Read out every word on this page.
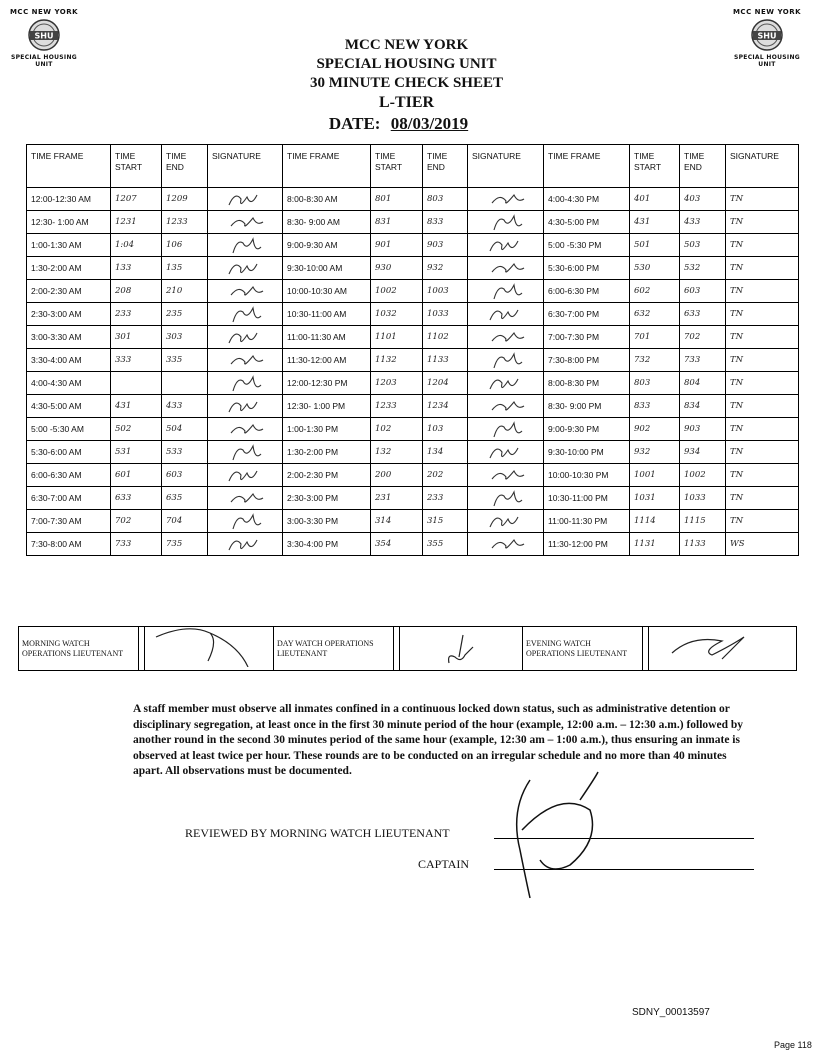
MCC NEW YORK
SHU
SPECIAL HOUSING UNIT
MCC NEW YORK
SHU
SPECIAL HOUSING UNIT
MCC NEW YORK
SPECIAL HOUSING UNIT
30 MINUTE CHECK SHEET
L-TIER
DATE: 08/03/2019
TIME FRAME	TIME START	TIME END	SIGNATURE	TIME FRAME	TIME START	TIME END	SIGNATURE	TIME FRAME	TIME START	TIME END	SIGNATURE
12:00-12:30 AM	1207	1209		8:00-8:30 AM	801	803		4:00-4:30 PM	401	403	TN
12:30- 1:00 AM	1231	1233		8:30- 9:00 AM	831	833		4:30-5:00 PM	431	433	TN
1:00-1:30 AM	1:04	106		9:00-9:30 AM	901	903		5:00 -5:30 PM	501	503	TN
1:30-2:00 AM	133	135		9:30-10:00 AM	930	932		5:30-6:00 PM	530	532	TN
2:00-2:30 AM	208	210		10:00-10:30 AM	1002	1003		6:00-6:30 PM	602	603	TN
2:30-3:00 AM	233	235		10:30-11:00 AM	1032	1033		6:30-7:00 PM	632	633	TN
3:00-3:30 AM	301	303		11:00-11:30 AM	1101	1102		7:00-7:30 PM	701	702	TN
3:30-4:00 AM	333	335		11:30-12:00 AM	1132	1133		7:30-8:00 PM	732	733	TN
4:00-4:30 AM				12:00-12:30 PM	1203	1204		8:00-8:30 PM	803	804	TN
4:30-5:00 AM	431	433		12:30- 1:00 PM	1233	1234		8:30- 9:00 PM	833	834	TN
5:00 -5:30 AM	502	504		1:00-1:30 PM	102	103		9:00-9:30 PM	902	903	TN
5:30-6:00 AM	531	533		1:30-2:00 PM	132	134		9:30-10:00 PM	932	934	TN
6:00-6:30 AM	601	603		2:00-2:30 PM	200	202		10:00-10:30 PM	1001	1002	TN
6:30-7:00 AM	633	635		2:30-3:00 PM	231	233		10:30-11:00 PM	1031	1033	TN
7:00-7:30 AM	702	704		3:00-3:30 PM	314	315		11:00-11:30 PM	1114	1115	TN
7:30-8:00 AM	733	735		3:30-4:00 PM	354	355		11:30-12:00 PM	1131	1133	WS
MORNING WATCH OPERATIONS LIEUTENANT			DAY WATCH OPERATIONS LIEUTENANT			EVENING WATCH OPERATIONS LIEUTENANT		
A staff member must observe all inmates confined in a continuous locked down status, such as administrative detention or disciplinary segregation, at least once in the first 30 minute period of the hour (example, 12:00 a.m. – 12:30 a.m.) followed by another round in the second 30 minutes period of the same hour (example, 12:30 am – 1:00 a.m.), thus ensuring an inmate is observed at least twice per hour. These rounds are to be conducted on an irregular schedule and no more than 40 minutes apart. All observations must be documented.
REVIEWED BY MORNING WATCH LIEUTENANT
CAPTAIN
SDNY_00013597
Page 118
